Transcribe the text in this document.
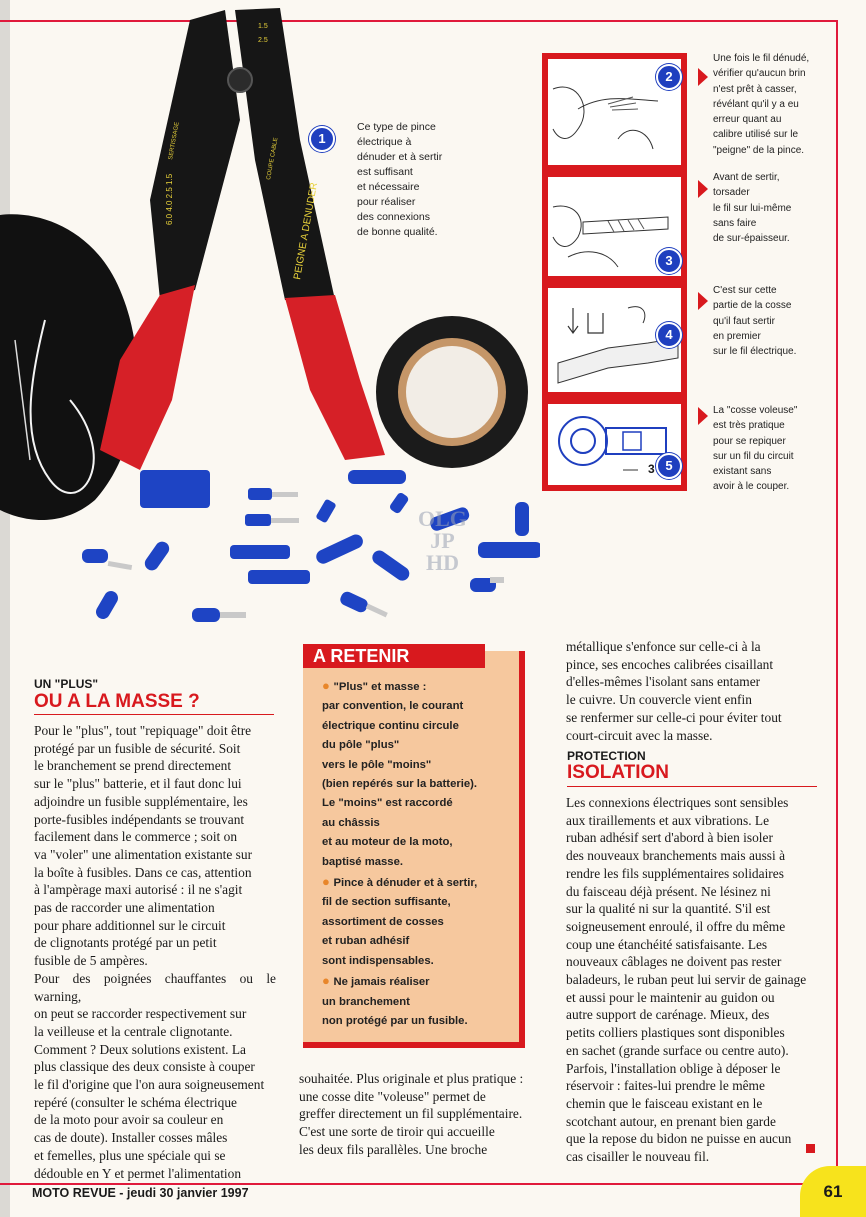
SERTISSAGE
6.0 4.0 2.5 1.5
COUPE CABLE
PEIGNE A DENUDER
1.5
2.5
OLG
JP
HD
1
Ce type de pince
électrique à
dénuder et à sertir
est suffisant
et nécessaire
pour réaliser
des connexions
de bonne qualité.
2
3
4
3 5
Une fois le fil dénudé,
vérifier qu'aucun brin
n'est prêt à casser,
révélant qu'il y a eu
erreur quant au
calibre utilisé sur le
"peigne" de la pince.
Avant de sertir,
torsader
le fil sur lui-même
sans faire
de sur-épaisseur.
C'est sur cette
partie de la cosse
qu'il faut sertir
en premier
sur le fil électrique.
La "cosse voleuse"
est très pratique
pour se repiquer
sur un fil du circuit
existant sans
avoir à le couper.
UN "PLUS"
OU A LA MASSE ?
Pour le "plus", tout "repiquage" doit être
protégé par un fusible de sécurité. Soit
le branchement se prend directement
sur le "plus" batterie, et il faut donc lui
adjoindre un fusible supplémentaire, les
porte-fusibles indépendants se trouvant
facilement dans le commerce ; soit on
va "voler" une alimentation existante sur
la boîte à fusibles. Dans ce cas, attention
à l'ampèrage maxi autorisé : il ne s'agit
pas de raccorder une alimentation
pour phare additionnel sur le circuit
de clignotants protégé par un petit
fusible de 5 ampères.
Pour des poignées chauffantes ou le warning,
on peut se raccorder respectivement sur
la veilleuse et la centrale clignotante.
Comment ? Deux solutions existent. La
plus classique des deux consiste à couper
le fil d'origine que l'on aura soigneusement
repéré (consulter le schéma électrique
de la moto pour avoir sa couleur en
cas de doute). Installer cosses mâles
et femelles, plus une spéciale qui se
dédouble en Y et permet l'alimentation
A RETENIR
● "Plus" et masse :
par convention, le courant
électrique continu circule
du pôle "plus"
vers le pôle "moins"
(bien repérés sur la batterie).
Le "moins" est raccordé
au châssis
et au moteur de la moto,
baptisé masse.
● Pince à dénuder et à sertir,
fil de section suffisante,
assortiment de cosses
et ruban adhésif
sont indispensables.
● Ne jamais réaliser
un branchement
non protégé par un fusible.
souhaitée. Plus originale et plus pratique :
une cosse dite "voleuse" permet de
greffer directement un fil supplémentaire.
C'est une sorte de tiroir qui accueille
les deux fils parallèles. Une broche
métallique s'enfonce sur celle-ci à la
pince, ses encoches calibrées cisaillant
d'elles-mêmes l'isolant sans entamer
le cuivre. Un couvercle vient enfin
se renfermer sur celle-ci pour éviter tout
court-circuit avec la masse.
PROTECTION
ISOLATION
Les connexions électriques sont sensibles
aux tiraillements et aux vibrations. Le
ruban adhésif sert d'abord à bien isoler
des nouveaux branchements mais aussi à
rendre les fils supplémentaires solidaires
du faisceau déjà présent. Ne lésinez ni
sur la qualité ni sur la quantité. S'il est
soigneusement enroulé, il offre du même
coup une étanchéité satisfaisante. Les
nouveaux câblages ne doivent pas rester
baladeurs, le ruban peut lui servir de gainage
et aussi pour le maintenir au guidon ou
autre support de carénage. Mieux, des
petits colliers plastiques sont disponibles
en sachet (grande surface ou centre auto).
Parfois, l'installation oblige à déposer le
réservoir : faites-lui prendre le même
chemin que le faisceau existant en le
scotchant autour, en prenant bien garde
que la repose du bidon ne puisse en aucun
cas cisailler le nouveau fil.
MOTO REVUE - jeudi 30 janvier 1997	61
